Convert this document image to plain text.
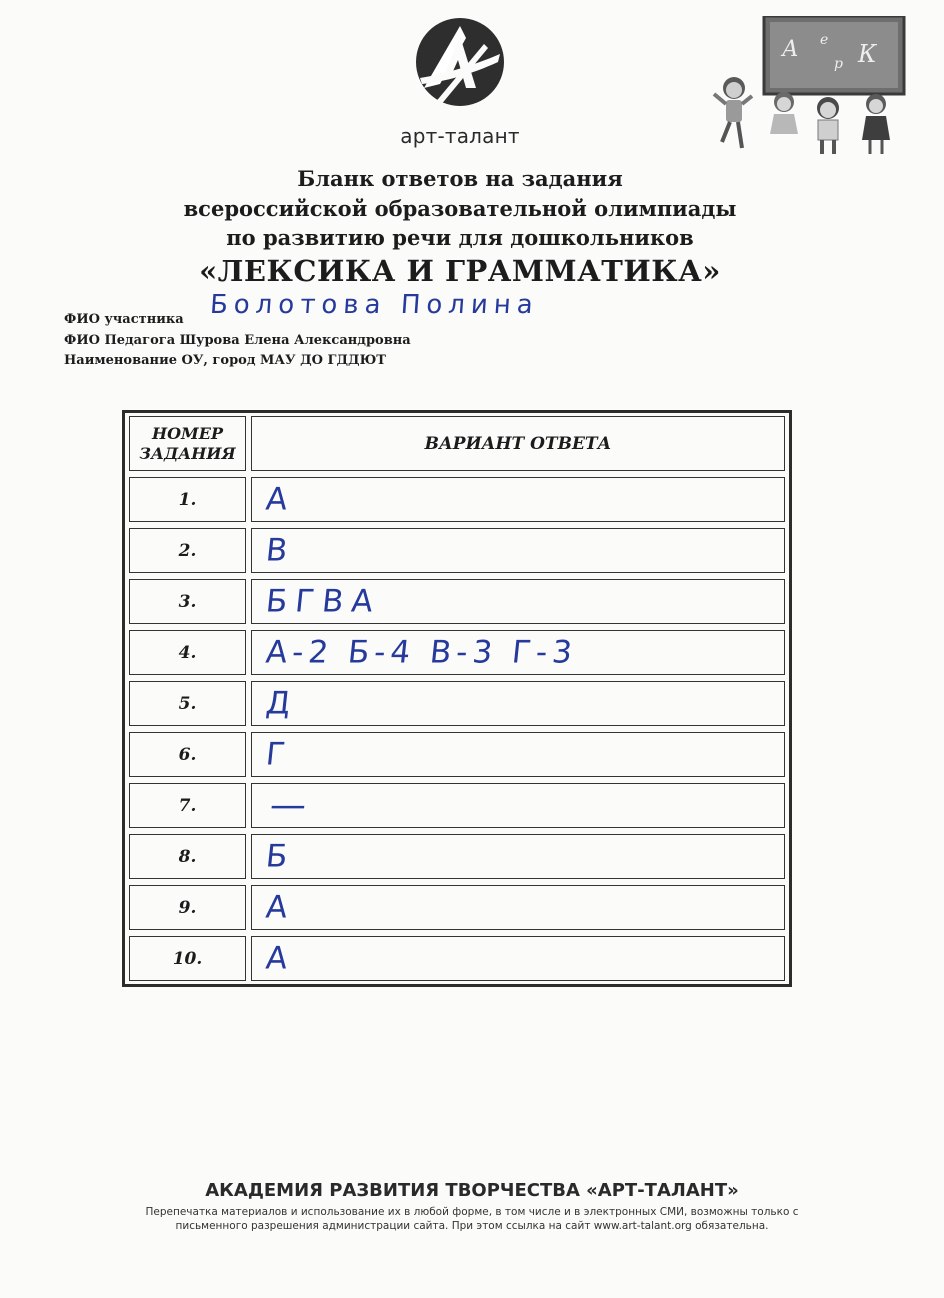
арт-талант
А е
р К
Бланк ответов на задания
всероссийской образовательной олимпиады
по развитию речи для дошкольников
«ЛЕКСИКА И ГРАММАТИКА»
ФИО участника Болотова Полина
ФИО Педагога Шурова Елена Александровна
Наименование ОУ, город МАУ ДО ГДДЮТ
НОМЕР
ЗАДАНИЯ	ВАРИАНТ ОТВЕТА
1.	А
2.	В
3.	БГВА
4.	А-2 Б-4 В-3 Г-3
5.	Д
6.	Г
7.	—
8.	Б
9.	А
10.	А
АКАДЕМИЯ РАЗВИТИЯ ТВОРЧЕСТВА «АРТ-ТАЛАНТ»
Перепечатка материалов и использование их в любой форме, в том числе и в электронных СМИ, возможны только с
письменного разрешения администрации сайта. При этом ссылка на сайт www.art-talant.org обязательна.
